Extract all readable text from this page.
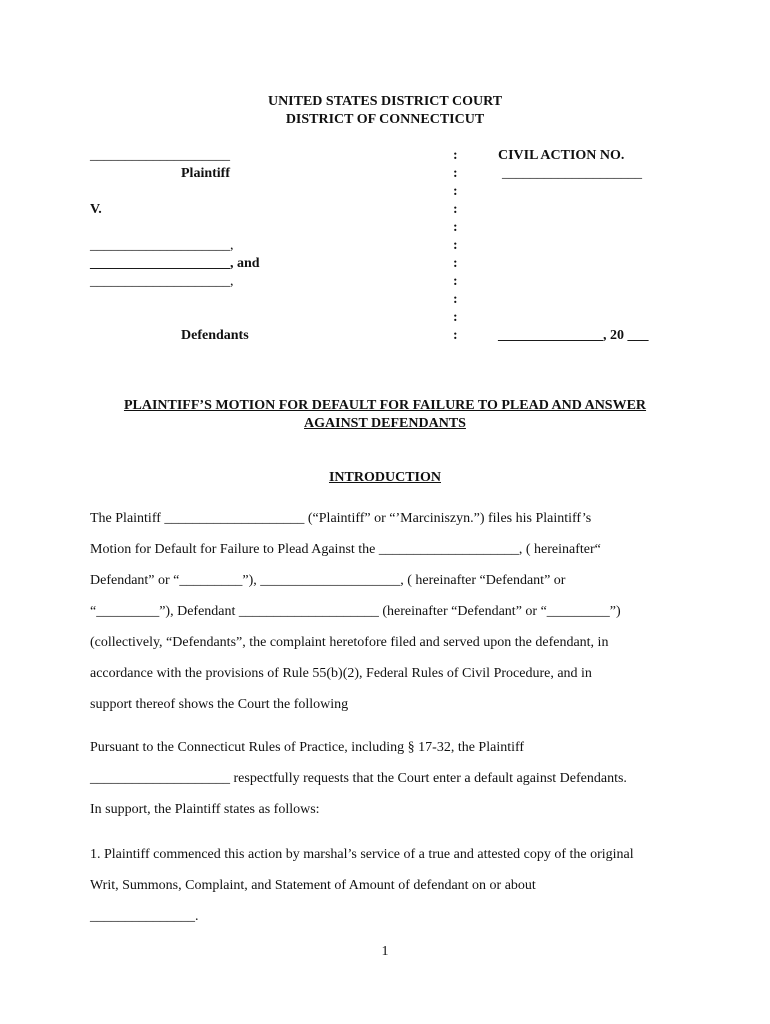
UNITED STATES DISTRICT COURT
DISTRICT OF CONNECTICUT
____________________
Plaintiff
V.
____________________,
____________________, and
____________________,
Defendants
:
:
:
:
:
:
:
:
:
:
:
CIVIL ACTION NO.
____________________
_______________, 20 ___
PLAINTIFF’S MOTION FOR DEFAULT FOR FAILURE TO PLEAD AND ANSWER
AGAINST DEFENDANTS
INTRODUCTION
The Plaintiff ____________________ (“Plaintiff” or “’Marciniszyn.”) files his Plaintiff’s
Motion for Default for Failure to Plead Against the ____________________, ( hereinafter“
Defendant” or “_________”), ____________________, ( hereinafter “Defendant” or
“_________”), Defendant ____________________ (hereinafter “Defendant” or “_________”)
(collectively, “Defendants”, the complaint heretofore filed and served upon the defendant, in
accordance with the provisions of Rule 55(b)(2), Federal Rules of Civil Procedure, and in
support thereof shows the Court the following
Pursuant to the Connecticut Rules of Practice, including § 17-32, the Plaintiff
____________________ respectfully requests that the Court enter a default against Defendants.
In support, the Plaintiff states as follows:
1. Plaintiff commenced this action by marshal’s service of a true and attested copy of the original
Writ, Summons, Complaint, and Statement of Amount of defendant on or about
_______________.
1
